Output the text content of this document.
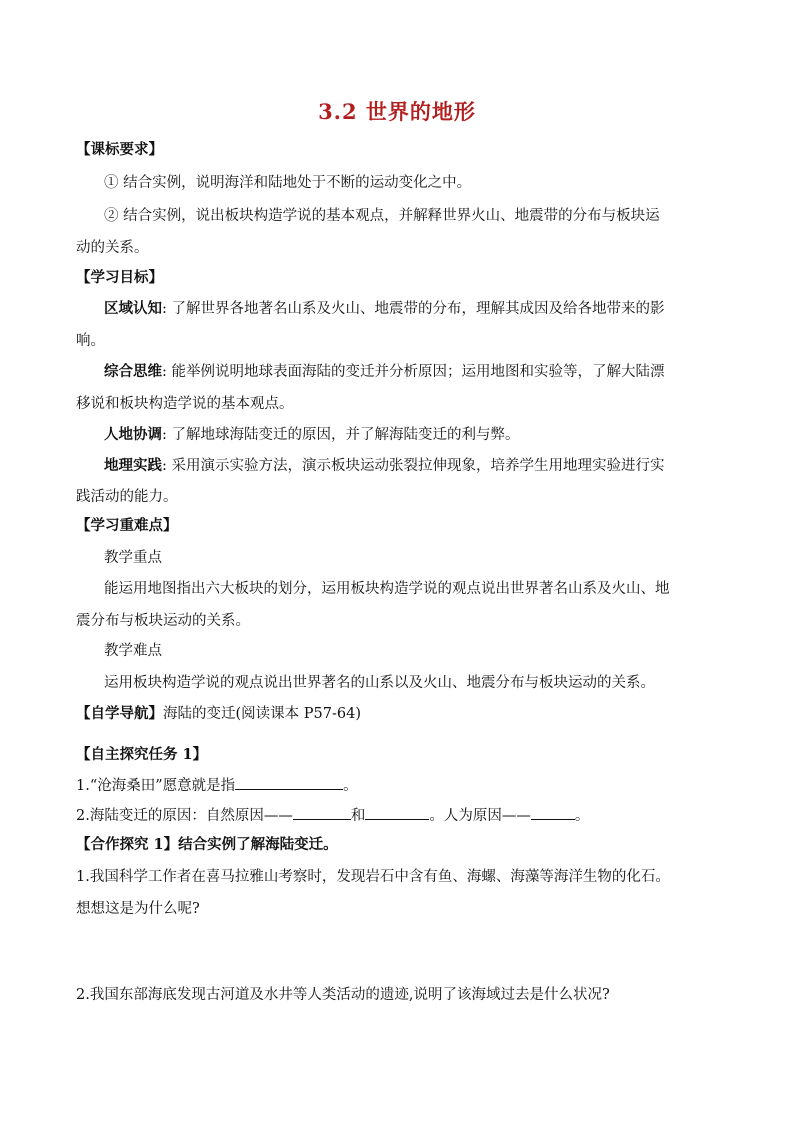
3.2 世界的地形
【课标要求】
① 结合实例，说明海洋和陆地处于不断的运动变化之中。
② 结合实例，说出板块构造学说的基本观点，并解释世界火山、地震带的分布与板块运
动的关系。
【学习目标】
区域认知: 了解世界各地著名山系及火山、地震带的分布，理解其成因及给各地带来的影
响。
综合思维: 能举例说明地球表面海陆的变迁并分析原因；运用地图和实验等，了解大陆漂
移说和板块构造学说的基本观点。
人地协调: 了解地球海陆变迁的原因，并了解海陆变迁的利与弊。
地理实践: 采用演示实验方法，演示板块运动张裂拉伸现象，培养学生用地理实验进行实
践活动的能力。
【学习重难点】
教学重点
能运用地图指出六大板块的划分，运用板块构造学说的观点说出世界著名山系及火山、地
震分布与板块运动的关系。
教学难点
运用板块构造学说的观点说出世界著名的山系以及火山、地震分布与板块运动的关系。
【自学导航】海陆的变迁(阅读课本 P57-64)
【自主探究任务 1】
1.“沧海桑田”愿意就是指	。
2.海陆变迁的原因：自然原因——	和	。人为原因——	。
【合作探究 1】结合实例了解海陆变迁。
1.我国科学工作者在喜马拉雅山考察时，发现岩石中含有鱼、海螺、海藻等海洋生物的化石。
想想这是为什么呢?
2.我国东部海底发现古河道及水井等人类活动的遗迹,说明了该海域过去是什么状况?
